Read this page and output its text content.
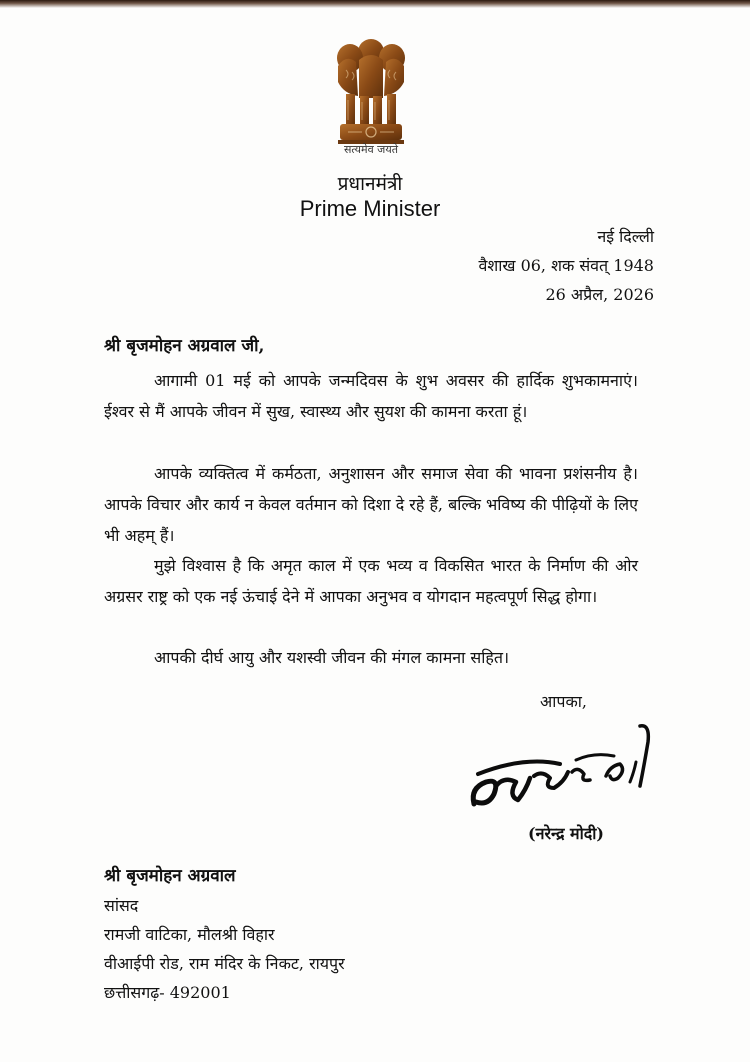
सत्यमेव जयते
प्रधानमंत्री
Prime Minister
नई दिल्ली
वैशाख 06, शक संवत् 1948
26 अप्रैल, 2026
श्री बृजमोहन अग्रवाल जी,
आगामी 01 मई को आपके जन्मदिवस के शुभ अवसर की हार्दिक शुभकामनाएं। ईश्वर से मैं आपके जीवन में सुख, स्वास्थ्य और सुयश की कामना करता हूं।
आपके व्यक्तित्व में कर्मठता, अनुशासन और समाज सेवा की भावना प्रशंसनीय है। आपके विचार और कार्य न केवल वर्तमान को दिशा दे रहे हैं, बल्कि भविष्य की पीढ़ियों के लिए भी अहम् हैं।
मुझे विश्वास है कि अमृत काल में एक भव्य व विकसित भारत के निर्माण की ओर अग्रसर राष्ट्र को एक नई ऊंचाई देने में आपका अनुभव व योगदान महत्वपूर्ण सिद्ध होगा।
आपकी दीर्घ आयु और यशस्वी जीवन की मंगल कामना सहित।
आपका,
(नरेन्द्र मोदी)
श्री बृजमोहन अग्रवाल
सांसद
रामजी वाटिका, मौलश्री विहार
वीआईपी रोड, राम मंदिर के निकट, रायपुर
छत्तीसगढ़- 492001
